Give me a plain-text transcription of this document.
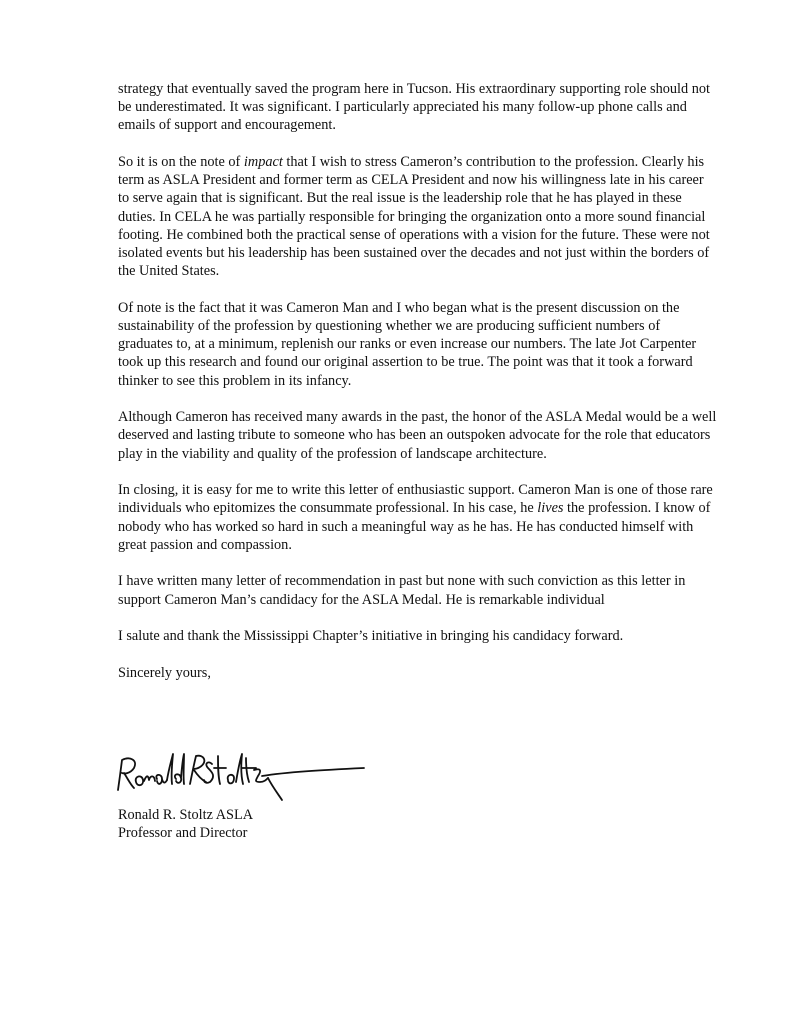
strategy that eventually saved the program here in Tucson. His extraordinary supporting role should not be underestimated. It was significant. I particularly appreciated his many follow-up phone calls and emails of support and encouragement.

So it is on the note of impact that I wish to stress Cameron’s contribution to the profession. Clearly his term as ASLA President and former term as CELA President and now his willingness late in his career to serve again that is significant. But the real issue is the leadership role that he has played in these duties. In CELA he was partially responsible for bringing the organization onto a more sound financial footing. He combined both the practical sense of operations with a vision for the future. These were not isolated events but his leadership has been sustained over the decades and not just within the borders of the United States.

Of note is the fact that it was Cameron Man and I who began what is the present discussion on the sustainability of the profession by questioning whether we are producing sufficient numbers of graduates to, at a minimum, replenish our ranks or even increase our numbers. The late Jot Carpenter took up this research and found our original assertion to be true. The point was that it took a forward thinker to see this problem in its infancy.

Although Cameron has received many awards in the past, the honor of the ASLA Medal would be a well deserved and lasting tribute to someone who has been an outspoken advocate for the role that educators play in the viability and quality of the profession of landscape architecture.

In closing, it is easy for me to write this letter of enthusiastic support. Cameron Man is one of those rare individuals who epitomizes the consummate professional. In his case, he lives the profession. I know of nobody who has worked so hard in such a meaningful way as he has. He has conducted himself with great passion and compassion.

I have written many letter of recommendation in past but none with such conviction as this letter in support Cameron Man’s candidacy for the ASLA Medal. He is remarkable individual

I salute and thank the Mississippi Chapter’s initiative in bringing his candidacy forward.

Sincerely yours,

Ronald R. Stoltz ASLA

Professor and Director
